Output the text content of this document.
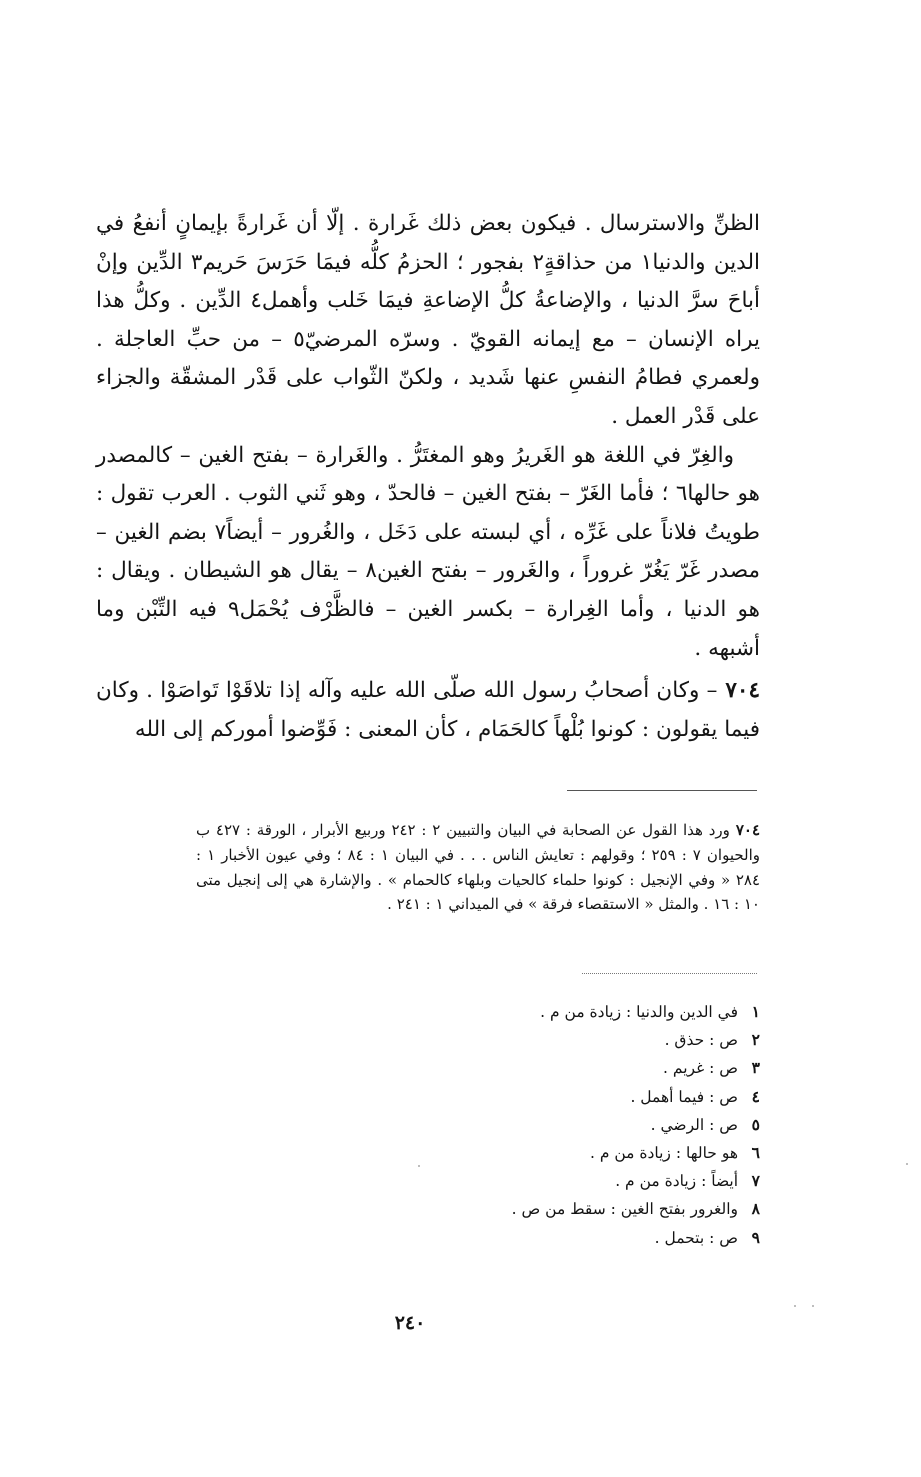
الظنِّ والاسترسال . فيكون بعض ذلك غَرارة . إلّا أن غَرارةً بإيمانٍ أنفعُ في الدين والدنيا١ من حذاقةٍ٢ بفجور ؛ الحزمُ كلُّه فيمَا حَرَسَ حَريم٣ الدِّين وإنْ أباحَ سرَّ الدنيا ، والإضاعةُ كلُّ الإضاعةِ فيمَا خَلب وأهمل٤ الدِّين . وكلُّ هذا يراه الإنسان – مع إيمانه القويّ . وسرّه المرضيّ٥ – من حبِّ العاجلة . ولعمري فطامُ النفسِ عنها شَديد ، ولكنّ الثّواب على قَدْر المشقّة والجزاء على قَدْر العمل .

والغِرّ في اللغة هو الغَريرُ وهو المغتَرُّ . والغَرارة – بفتح الغين – كالمصدر هو حالها٦ ؛ فأما الغَرّ – بفتح الغين – فالحدّ ، وهو ثَني الثوب . العرب تقول : طويتُ فلاناً على غَرِّه ، أي لبسته على دَخَل ، والغُرور – أيضاً٧ بضم الغين – مصدر غَرّ يَغُرّ غروراً ، والغَرور – بفتح الغين٨ – يقال هو الشيطان . ويقال : هو الدنيا ، وأما الغِرارة – بكسر الغين – فالظَّرْف يُحْمَل٩ فيه التِّبْن وما أشبهه .

٧٠٤– وكان أصحابُ رسول الله صلّى الله عليه وآله إذا تلاقَوْا تَواصَوْا . وكان فيما يقولون : كونوا بُلْهاً كالحَمَام ، كأن المعنى : فَوِّضوا أموركم إلى الله

٧٠٤ورد هذا القول عن الصحابة في البيان والتبيين ٢ : ٢٤٢ وربيع الأبرار ، الورقة : ٤٢٧ ب والحيوان ٧ : ٢٥٩ ؛ وقولهم : تعايش الناس . . . في البيان ١ : ٨٤ ؛ وفي عيون الأخبار ١ : ٢٨٤ « وفي الإنجيل : كونوا حلماء كالحيات وبلهاء كالحمام » . والإشارة هي إلى إنجيل متى ١٠ : ١٦ . والمثل « الاستقصاء فرقة » في الميداني ١ : ٢٤١ .
١في الدين والدنيا : زيادة من م .
٢ص : حذق .
٣ص : غريم .
٤ص : فيما أهمل .
٥ص : الرضي .
٦هو حالها : زيادة من م .
٧أيضاً : زيادة من م .
٨والغرور بفتح الغين : سقط من ص .
٩ص : بتحمل .
٢٤٠
